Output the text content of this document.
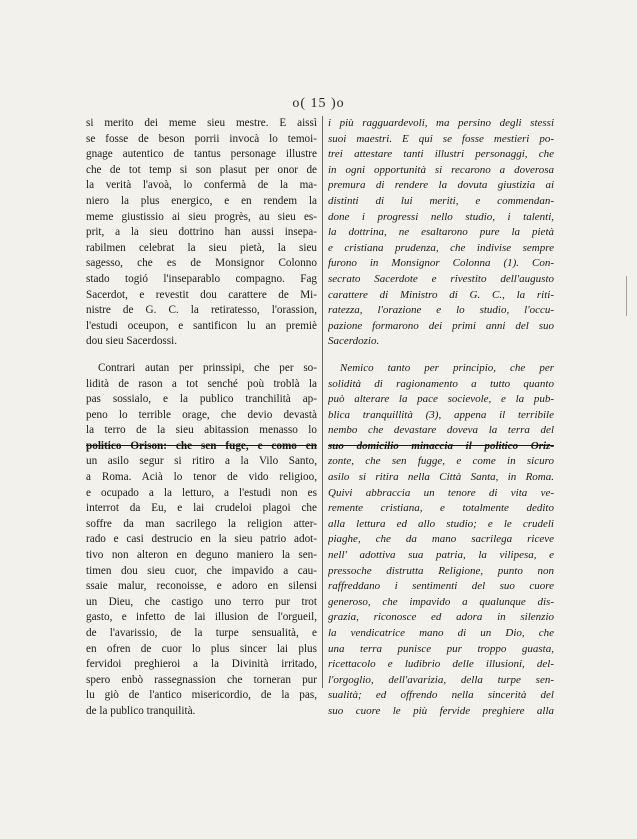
o( 15 )o
si merito dei meme sieu mestre. E aissì
se fosse de beson porrii invocà lo temoi-
gnage autentico de tantus personage illustre
che de tot temp si son plasut per onor de
la verità l'avoà, lo confermà de la ma-
niero la plus energico, e en rendem la
meme giustissio ai sieu progrès, au sieu es-
prit, a la sieu dottrino han aussi insepa-
rabilmen celebrat la sieu pietà, la sieu
sagesso, che es de Monsignor Colonno
stado togió l'inseparablo compagno. Fag
Sacerdot, e revestit dou carattere de Mi-
nistre de G. C. la retiratesso, l'orassion,
l'estudi oceupon, e santificon lu an premiè
dou sieu Sacerdossi.
Contrari autan per prinssipi, che per so-
lidità de rason a tot senché poù troblà la
pas sossialo, e la publico tranchilità ap-
peno lo terrible orage, che devio devastà
la terro de la sieu abitassion menasso lo
politico Orison: che sen fuge, e como en
un asilo segur si ritiro a la Vilo Santo,
a Roma. Acià lo tenor de vido religioo,
e ocupado a la letturo, a l'estudi non es
interrot da Eu, e lai crudeloi plagoi che
soffre da man sacrilego la religion atter-
rado e casi destrucio en la sieu patrio adot-
tivo non alteron en deguno maniero la sen-
timen dou sieu cuor, che impavido a cau-
ssaie malur, reconoisse, e adoro en silensi
un Dieu, che castigo uno terro pur trot
gasto, e infetto de lai illusion de l'orgueil,
de l'avarissio, de la turpe sensualità, e
en ofren de cuor lo plus sincer lai plus
fervidoi preghieroi a la Divinità irritado,
spero enbò rassegnassion che torneran pur
lu giò de l'antico misericordio, de la pas,
de la publico tranquilità.
i più ragguardevoli, ma persino degli stessi
suoi maestri. E qui se fosse mestieri po-
trei attestare tanti illustri personaggi, che
in ogni opportunità si recarono a doverosa
premura di rendere la dovuta giustizia ai
distinti di lui meriti, e commendan-
done i progressi nello studio, i talenti,
la dottrina, ne esaltarono pure la pietà
e cristiana prudenza, che indivise sempre
furono in Monsignor Colonna (1). Con-
secrato Sacerdote e rivestito dell'augusto
carattere di Ministro di G. C., la riti-
ratezza, l'orazione e lo studio, l'occu-
pazione formarono dei primi anni del suo
Sacerdozio.
Nemico tanto per principio, che per
solidità di ragionamento a tutto quanto
può alterare la pace socievole, e la pub-
blica tranquillità (3), appena il terribile
nembo che devastare doveva la terra del
suo domicilio minaccia il politico Oriz-
zonte, che sen fugge, e come in sicuro
asilo si ritira nella Città Santa, in Roma.
Quivi abbraccia un tenore di vita ve-
remente cristiana, e totalmente dedito
alla lettura ed allo studio; e le crudeli
piaghe, che da mano sacrilega riceve
nell' adottiva sua patria, la vilipesa, e
pressoche distrutta Religione, punto non
raffreddano i sentimenti del suo cuore
generoso, che impavido a qualunque dis-
grazia, riconosce ed adora in silenzio
la vendicatrice mano di un Dio, che
una terra punisce pur troppo guasta,
ricettacolo e ludibrio delle illusioni, del-
l'orgoglio, dell'avarizia, della turpe sen-
sualità; ed offrendo nella sincerità del
suo cuore le più fervide preghiere alla
